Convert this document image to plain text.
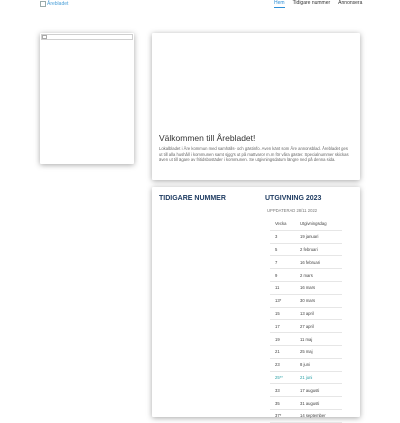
Årebladet	Hem Tidigare nummer Annonsera
Välkommen till Årebladet!

Lokalbladet i Åre kommun med samhälls- och gästinfo. Aven känt som Åre annonsblad. Årebladet ges ut till alla hushåll i kommunen samt sjgg's ut på mattvaror m.m för våra gäster. Specialnummer skickas även ut till ägare av fritidsbostäder i kommunen. Se utgivningsdatum längre ned på denna sida.

TIDIGARE NUMMER	UTGIVNING 2023
UPPDATERAD 28/11 2022
Vecka	Utgivningsdag
3	19 januari
5	2 februari
7	16 februari
9	2 mars
11	16 mars
13*	30 mars
15	13 april
17	27 april
19	11 maj
21	25 maj
23	8 juni
25**	21 juni
33	17 augusti
35	31 augusti
37*	14 september
